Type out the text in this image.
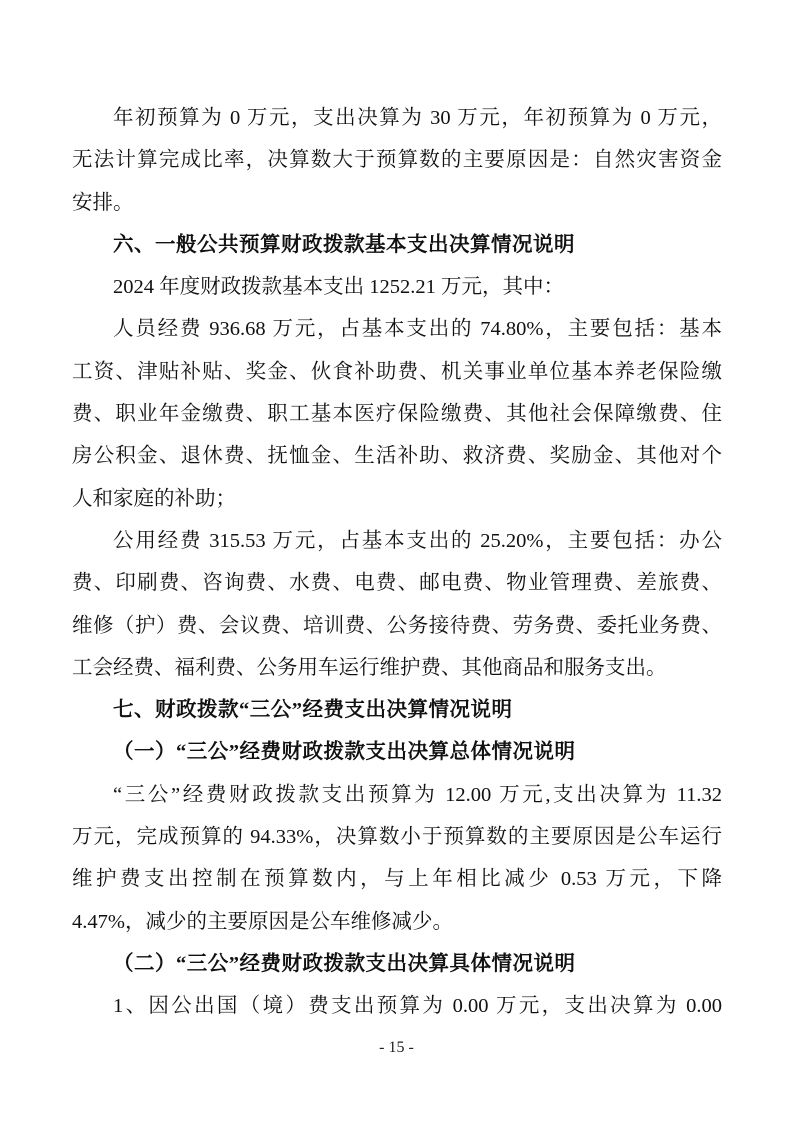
年初预算为 0 万元，支出决算为 30 万元，年初预算为 0 万元，
无法计算完成比率，决算数大于预算数的主要原因是：自然灾害资金
安排。
六、一般公共预算财政拨款基本支出决算情况说明
2024 年度财政拨款基本支出 1252.21 万元，其中：
人员经费 936.68 万元，占基本支出的 74.80%，主要包括：基本
工资、津贴补贴、奖金、伙食补助费、机关事业单位基本养老保险缴
费、职业年金缴费、职工基本医疗保险缴费、其他社会保障缴费、住
房公积金、退休费、抚恤金、生活补助、救济费、奖励金、其他对个
人和家庭的补助；
公用经费 315.53 万元，占基本支出的 25.20%，主要包括：办公
费、印刷费、咨询费、水费、电费、邮电费、物业管理费、差旅费、
维修（护）费、会议费、培训费、公务接待费、劳务费、委托业务费、
工会经费、福利费、公务用车运行维护费、其他商品和服务支出。
七、财政拨款“三公”经费支出决算情况说明
（一）“三公”经费财政拨款支出决算总体情况说明
“三公”经费财政拨款支出预算为 12.00 万元,支出决算为 11.32
万元，完成预算的 94.33%，决算数小于预算数的主要原因是公车运行
维护费支出控制在预算数内，与上年相比减少 0.53 万元，下降
4.47%，减少的主要原因是公车维修减少。
（二）“三公”经费财政拨款支出决算具体情况说明
1、因公出国（境）费支出预算为 0.00 万元，支出决算为 0.00
- 15 -
